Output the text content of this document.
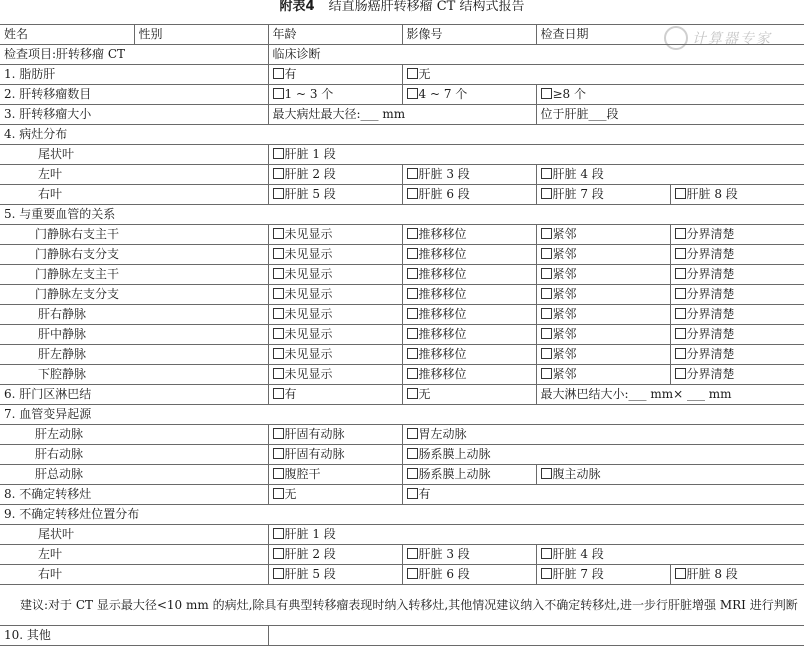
附表4 结直肠癌肝转移瘤 CT 结构式报告
计算器专家
姓名	性别	年龄	影像号	检查日期	
检查项目:肝转移瘤 CT		临床诊断			
1. 脂肪肝		有	无		
2. 肝转移瘤数目		1 ~ 3 个	4 ~ 7 个	≥8 个	
3. 肝转移瘤大小		最大病灶最大径:___ mm		位于肝脏___段	
4. 病灶分布					
尾状叶		肝脏 1 段			
左叶		肝脏 2 段	肝脏 3 段	肝脏 4 段	
右叶		肝脏 5 段	肝脏 6 段	肝脏 7 段	肝脏 8 段
5. 与重要血管的关系					
门静脉右支主干		未见显示	推移移位	紧邻	分界清楚
门静脉右支分支		未见显示	推移移位	紧邻	分界清楚
门静脉左支主干		未见显示	推移移位	紧邻	分界清楚
门静脉左支分支		未见显示	推移移位	紧邻	分界清楚
肝右静脉		未见显示	推移移位	紧邻	分界清楚
肝中静脉		未见显示	推移移位	紧邻	分界清楚
肝左静脉		未见显示	推移移位	紧邻	分界清楚
下腔静脉		未见显示	推移移位	紧邻	分界清楚
6. 肝门区淋巴结		有	无	最大淋巴结大小:___ mm× ___ mm	
7. 血管变异起源					
肝左动脉		肝固有动脉	胃左动脉		
肝右动脉		肝固有动脉	肠系膜上动脉		
肝总动脉		腹腔干	肠系膜上动脉	腹主动脉	
8. 不确定转移灶		无	有		
9. 不确定转移灶位置分布					
尾状叶		肝脏 1 段			
左叶		肝脏 2 段	肝脏 3 段	肝脏 4 段	
右叶		肝脏 5 段	肝脏 6 段	肝脏 7 段	肝脏 8 段

建议:对于 CT 显示最大径<10 mm 的病灶,除具有典型转移瘤表现时纳入转移灶,其他情况建议纳入不确定转移灶,进一步行肝脏增强 MRI 进行判断					

10. 其他					
